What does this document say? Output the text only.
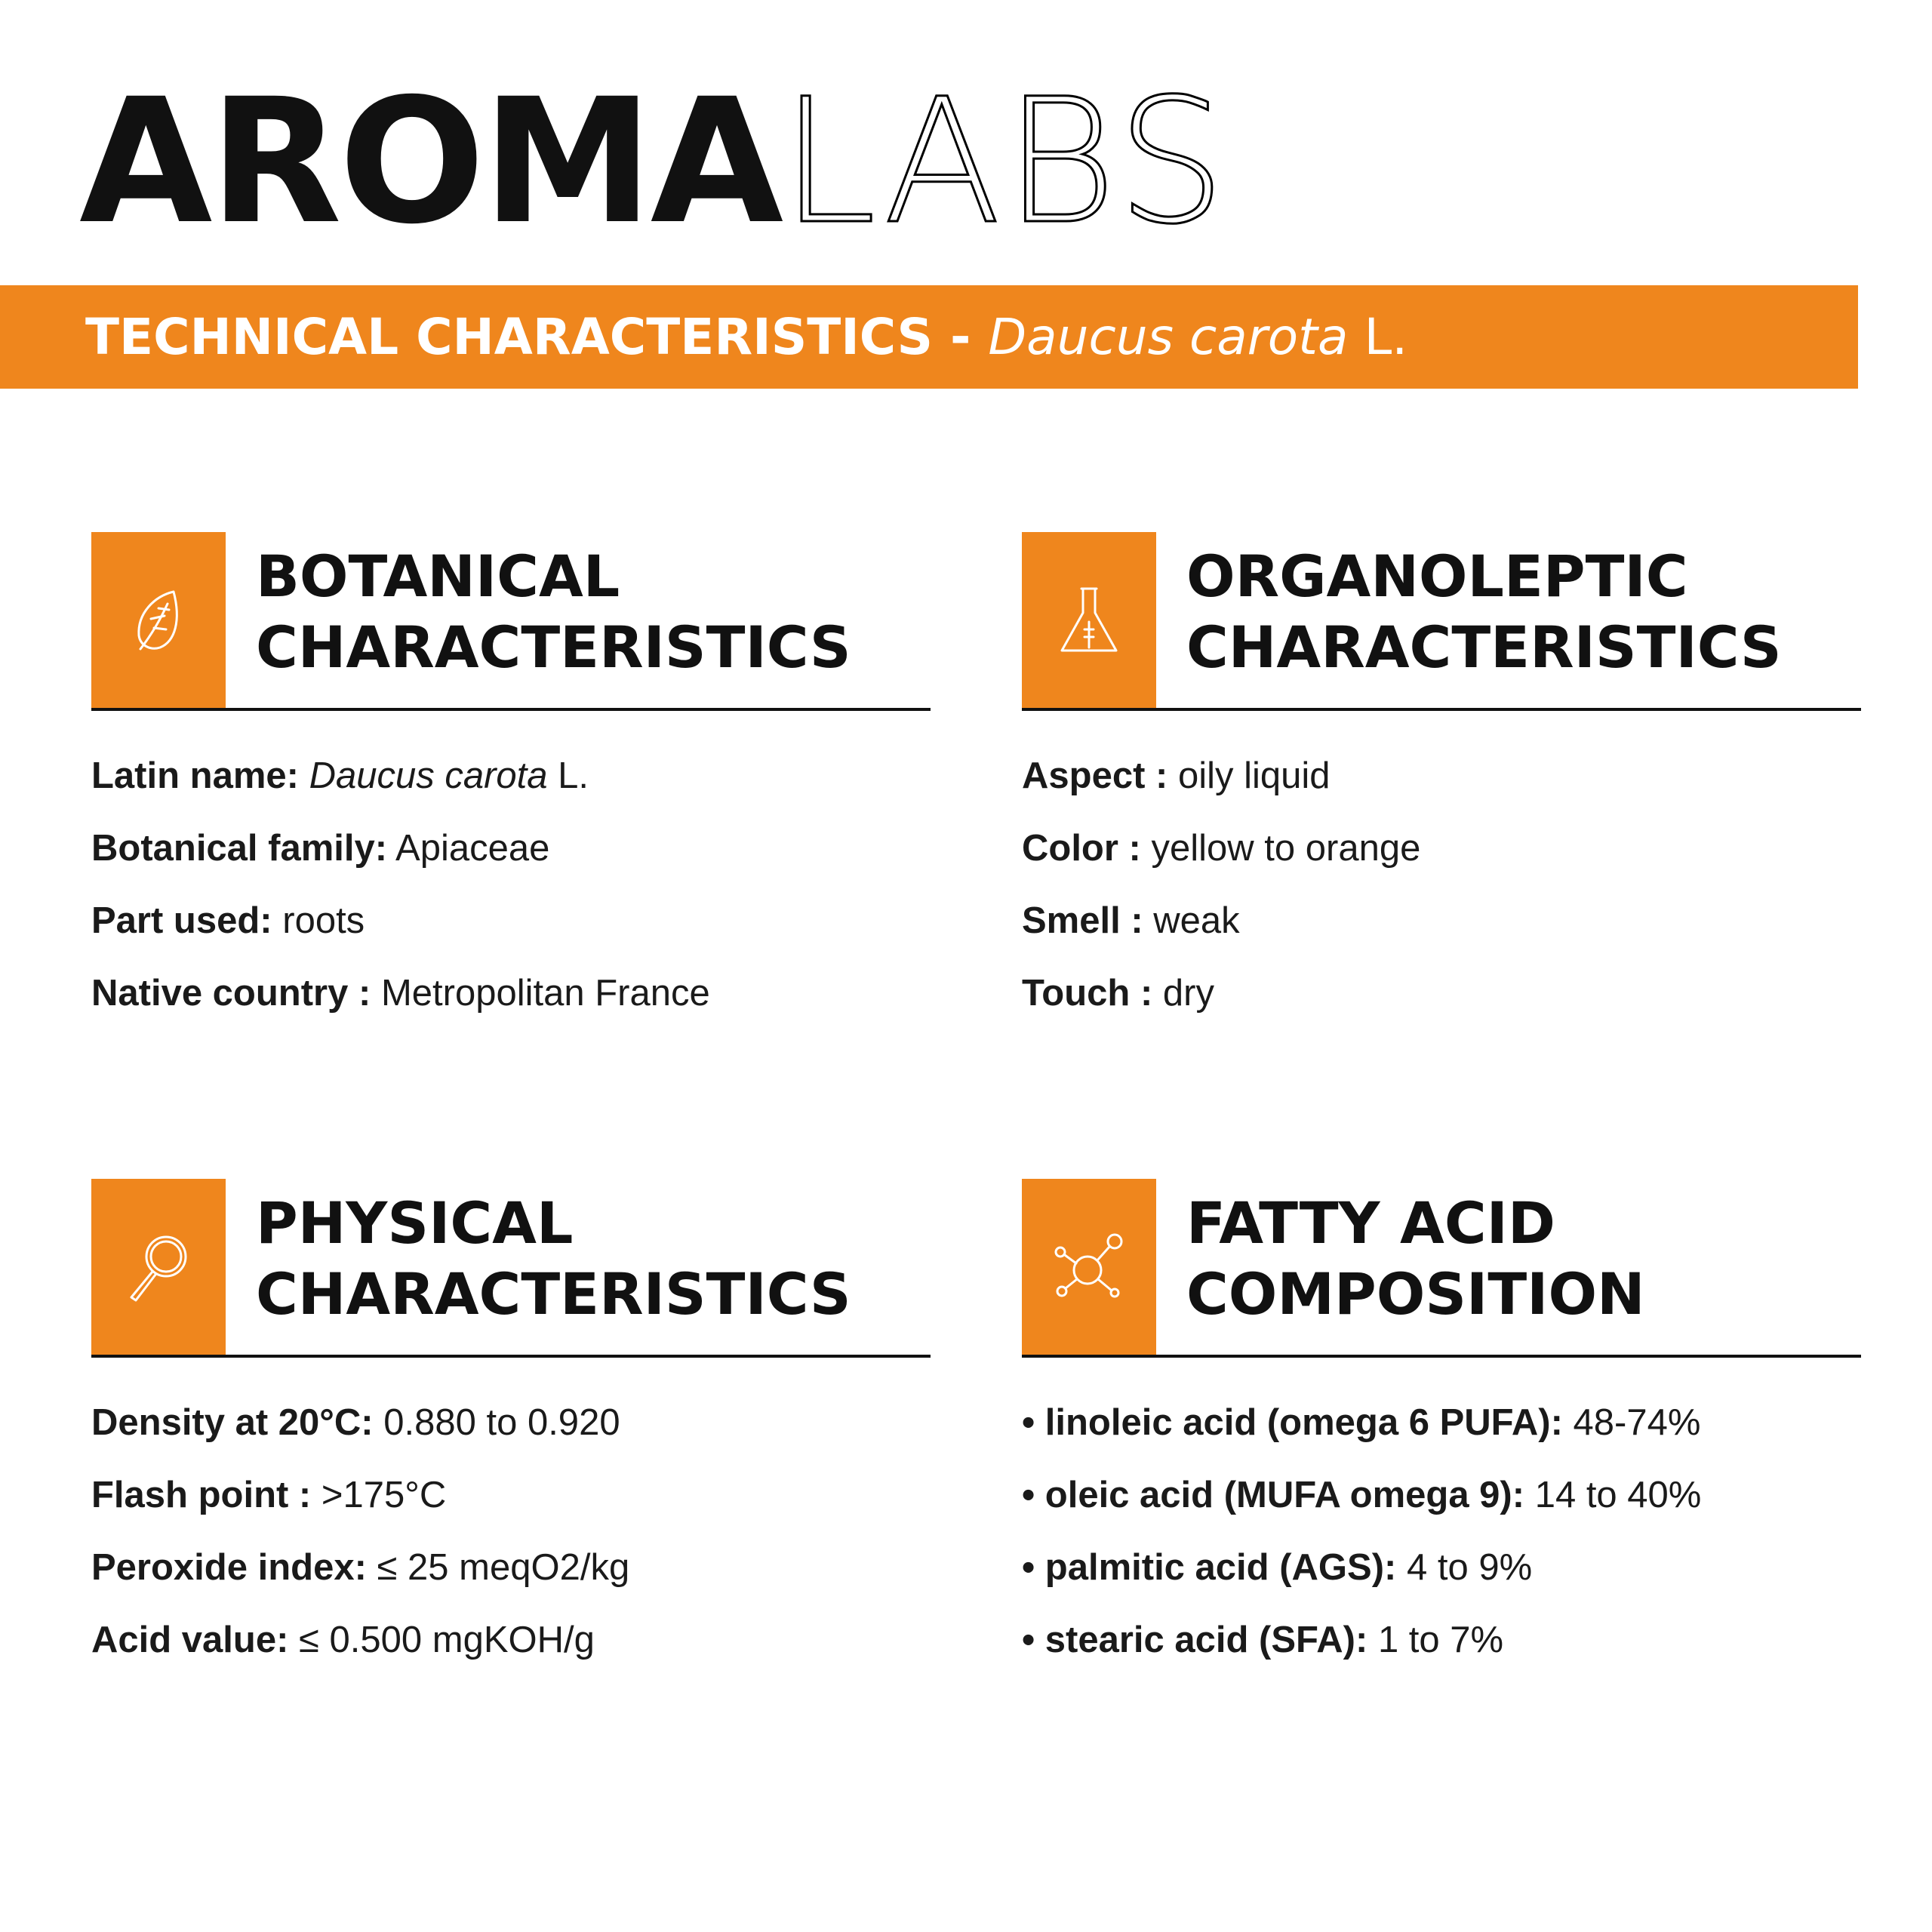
AROMALABS
TECHNICAL CHARACTERISTICS - Daucus carota L.
BOTANICAL
CHARACTERISTICS
Latin name: Daucus carota L.
Botanical family: Apiaceae
Part used: roots
Native country : Metropolitan France
ORGANOLEPTIC
CHARACTERISTICS
Aspect : oily liquid
Color : yellow to orange
Smell : weak
Touch : dry
PHYSICAL
CHARACTERISTICS
Density at 20°C: 0.880 to 0.920
Flash point : >175°C
Peroxide index: ≤ 25 meqO2/kg
Acid value: ≤ 0.500 mgKOH/g
FATTY ACID
COMPOSITION
• linoleic acid (omega 6 PUFA): 48-74%
• oleic acid (MUFA omega 9): 14 to 40%
• palmitic acid (AGS): 4 to 9%
• stearic acid (SFA): 1 to 7%
